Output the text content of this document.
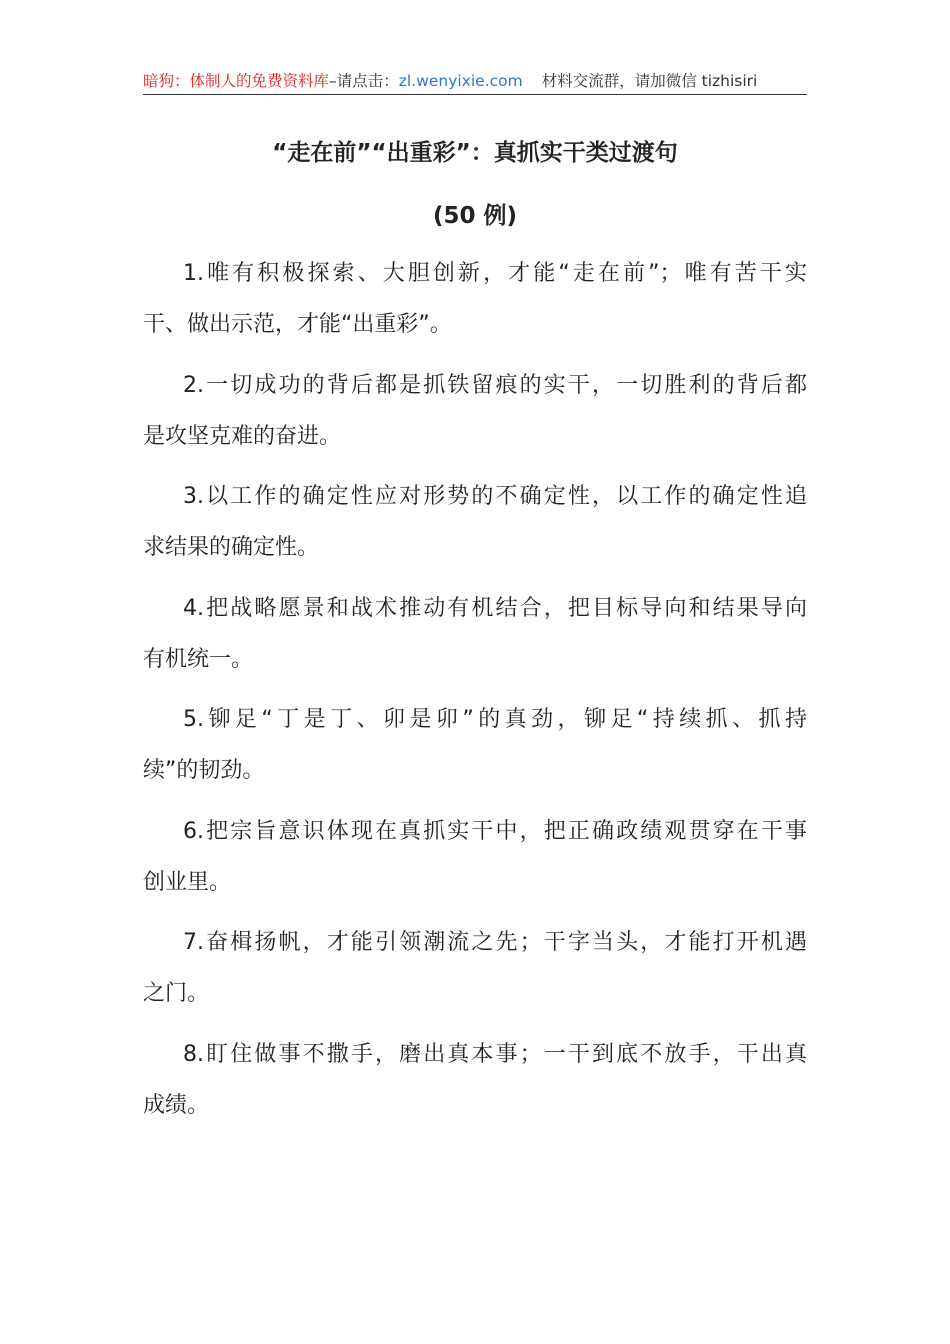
暗狗：体制人的免费资料库–请点击：zl.wenyixie.com 材料交流群，请加微信 tizhisiri
“走在前”“出重彩”：真抓实干类过渡句
(50 例)
1.唯有积极探索、大胆创新，才能“走在前”；唯有苦干实
干、做出示范，才能“出重彩”。
2.一切成功的背后都是抓铁留痕的实干，一切胜利的背后都
是攻坚克难的奋进。
3.以工作的确定性应对形势的不确定性，以工作的确定性追
求结果的确定性。
4.把战略愿景和战术推动有机结合，把目标导向和结果导向
有机统一。
5.铆足“丁是丁、卯是卯”的真劲，铆足“持续抓、抓持
续”的韧劲。
6.把宗旨意识体现在真抓实干中，把正确政绩观贯穿在干事
创业里。
7.奋楫扬帆，才能引领潮流之先；干字当头，才能打开机遇
之门。
8.盯住做事不撒手，磨出真本事；一干到底不放手，干出真
成绩。
